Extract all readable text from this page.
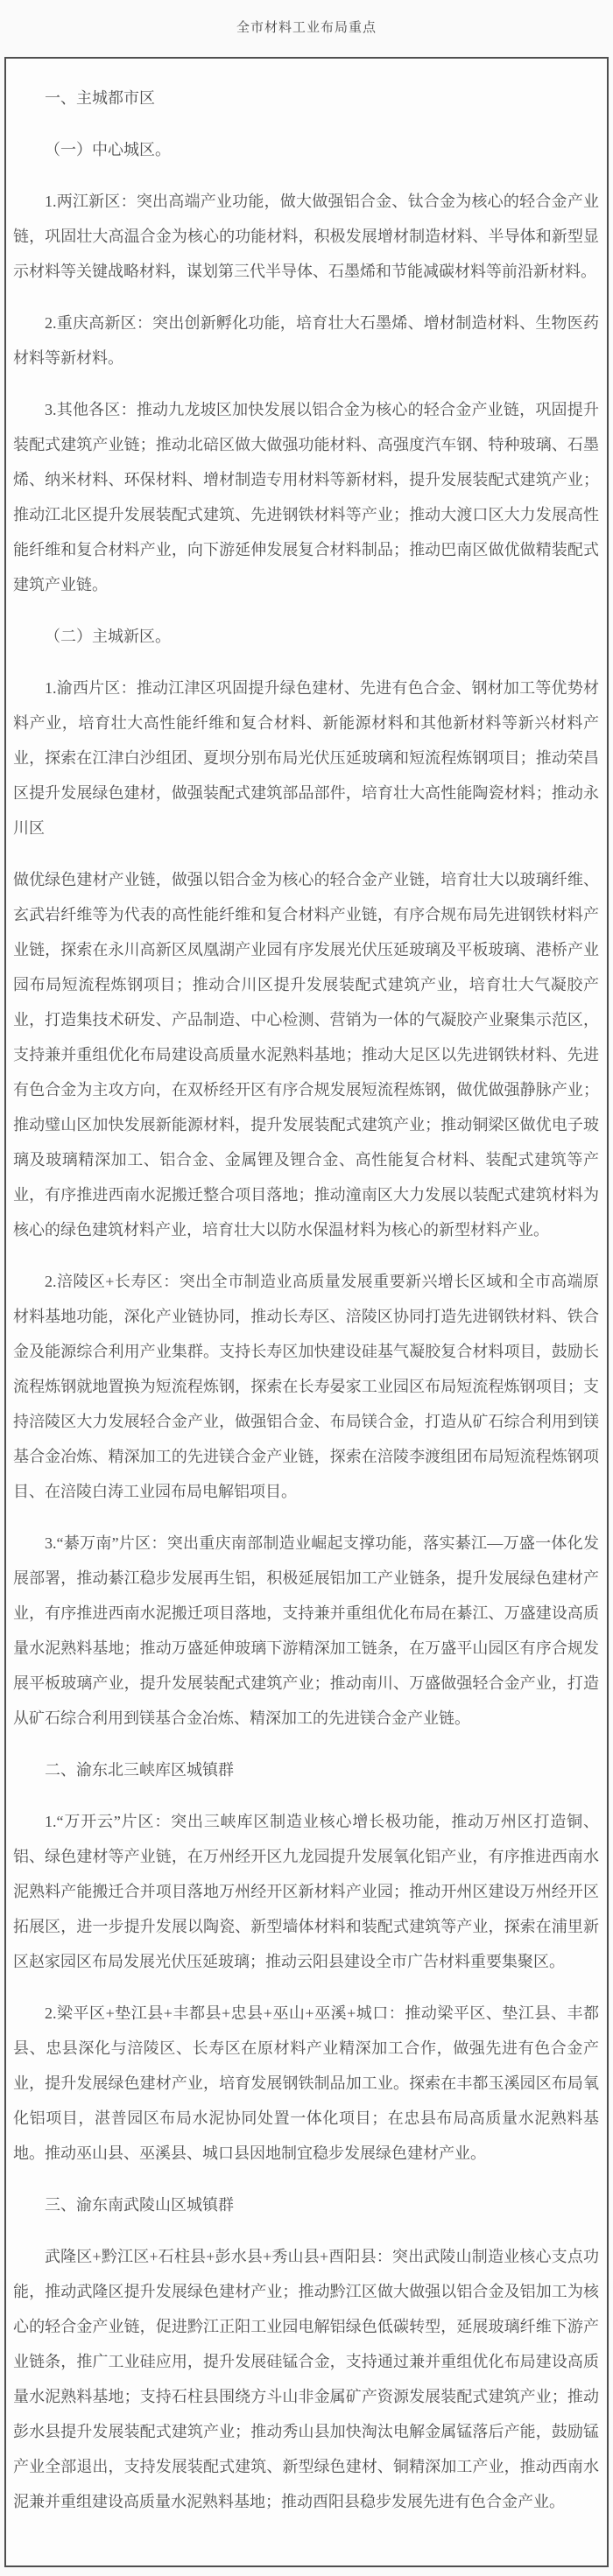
全市材料工业布局重点

一、主城都市区

（一）中心城区。

1.两江新区：突出高端产业功能，做大做强铝合金、钛合金为核心的轻合金产业链，巩固壮大高温合金为核心的功能材料，积极发展增材制造材料、半导体和新型显示材料等关键战略材料，谋划第三代半导体、石墨烯和节能减碳材料等前沿新材料。

2.重庆高新区：突出创新孵化功能，培育壮大石墨烯、增材制造材料、生物医药材料等新材料。

3.其他各区：推动九龙坡区加快发展以铝合金为核心的轻合金产业链，巩固提升装配式建筑产业链；推动北碚区做大做强功能材料、高强度汽车钢、特种玻璃、石墨烯、纳米材料、环保材料、增材制造专用材料等新材料，提升发展装配式建筑产业；推动江北区提升发展装配式建筑、先进钢铁材料等产业；推动大渡口区大力发展高性能纤维和复合材料产业，向下游延伸发展复合材料制品；推动巴南区做优做精装配式建筑产业链。

（二）主城新区。

1.渝西片区：推动江津区巩固提升绿色建材、先进有色合金、钢材加工等优势材料产业，培育壮大高性能纤维和复合材料、新能源材料和其他新材料等新兴材料产业，探索在江津白沙组团、夏坝分别布局光伏压延玻璃和短流程炼钢项目；推动荣昌区提升发展绿色建材，做强装配式建筑部品部件，培育壮大高性能陶瓷材料；推动永川区

做优绿色建材产业链，做强以铝合金为核心的轻合金产业链，培育壮大以玻璃纤维、玄武岩纤维等为代表的高性能纤维和复合材料产业链，有序合规布局先进钢铁材料产业链，探索在永川高新区凤凰湖产业园有序发展光伏压延玻璃及平板玻璃、港桥产业园布局短流程炼钢项目；推动合川区提升发展装配式建筑产业，培育壮大气凝胶产业，打造集技术研发、产品制造、中心检测、营销为一体的气凝胶产业聚集示范区，支持兼并重组优化布局建设高质量水泥熟料基地；推动大足区以先进钢铁材料、先进有色合金为主攻方向，在双桥经开区有序合规发展短流程炼钢，做优做强静脉产业；推动璧山区加快发展新能源材料，提升发展装配式建筑产业；推动铜梁区做优电子玻璃及玻璃精深加工、铝合金、金属锂及锂合金、高性能复合材料、装配式建筑等产业，有序推进西南水泥搬迁整合项目落地；推动潼南区大力发展以装配式建筑材料为核心的绿色建筑材料产业，培育壮大以防水保温材料为核心的新型材料产业。

2.涪陵区+长寿区：突出全市制造业高质量发展重要新兴增长区域和全市高端原材料基地功能，深化产业链协同，推动长寿区、涪陵区协同打造先进钢铁材料、铁合金及能源综合利用产业集群。支持长寿区加快建设硅基气凝胶复合材料项目，鼓励长流程炼钢就地置换为短流程炼钢，探索在长寿晏家工业园区布局短流程炼钢项目；支持涪陵区大力发展轻合金产业，做强铝合金、布局镁合金，打造从矿石综合利用到镁基合金冶炼、精深加工的先进镁合金产业链，探索在涪陵李渡组团布局短流程炼钢项目、在涪陵白涛工业园布局电解铝项目。

3.“綦万南”片区：突出重庆南部制造业崛起支撑功能，落实綦江—万盛一体化发展部署，推动綦江稳步发展再生铝，积极延展铝加工产业链条，提升发展绿色建材产业，有序推进西南水泥搬迁项目落地，支持兼并重组优化布局在綦江、万盛建设高质量水泥熟料基地；推动万盛延伸玻璃下游精深加工链条，在万盛平山园区有序合规发展平板玻璃产业，提升发展装配式建筑产业；推动南川、万盛做强轻合金产业，打造从矿石综合利用到镁基合金冶炼、精深加工的先进镁合金产业链。

二、渝东北三峡库区城镇群

1.“万开云”片区：突出三峡库区制造业核心增长极功能，推动万州区打造铜、铝、绿色建材等产业链，在万州经开区九龙园提升发展氧化铝产业，有序推进西南水泥熟料产能搬迁合并项目落地万州经开区新材料产业园；推动开州区建设万州经开区拓展区，进一步提升发展以陶瓷、新型墙体材料和装配式建筑等产业，探索在浦里新区赵家园区布局发展光伏压延玻璃；推动云阳县建设全市广告材料重要集聚区。

2.梁平区+垫江县+丰都县+忠县+巫山+巫溪+城口：推动梁平区、垫江县、丰都县、忠县深化与涪陵区、长寿区在原材料产业精深加工合作，做强先进有色合金产业，提升发展绿色建材产业，培育发展钢铁制品加工业。探索在丰都玉溪园区布局氧化铝项目，湛普园区布局水泥协同处置一体化项目；在忠县布局高质量水泥熟料基地。推动巫山县、巫溪县、城口县因地制宜稳步发展绿色建材产业。

三、渝东南武陵山区城镇群

武隆区+黔江区+石柱县+彭水县+秀山县+酉阳县：突出武陵山制造业核心支点功能，推动武隆区提升发展绿色建材产业；推动黔江区做大做强以铝合金及铝加工为核心的轻合金产业链，促进黔江正阳工业园电解铝绿色低碳转型，延展玻璃纤维下游产业链条，推广工业硅应用，提升发展硅锰合金，支持通过兼并重组优化布局建设高质量水泥熟料基地；支持石柱县围绕方斗山非金属矿产资源发展装配式建筑产业；推动彭水县提升发展装配式建筑产业；推动秀山县加快淘汰电解金属锰落后产能，鼓励锰产业全部退出，支持发展装配式建筑、新型绿色建材、铜精深加工产业，推动西南水泥兼并重组建设高质量水泥熟料基地；推动酉阳县稳步发展先进有色合金产业。
